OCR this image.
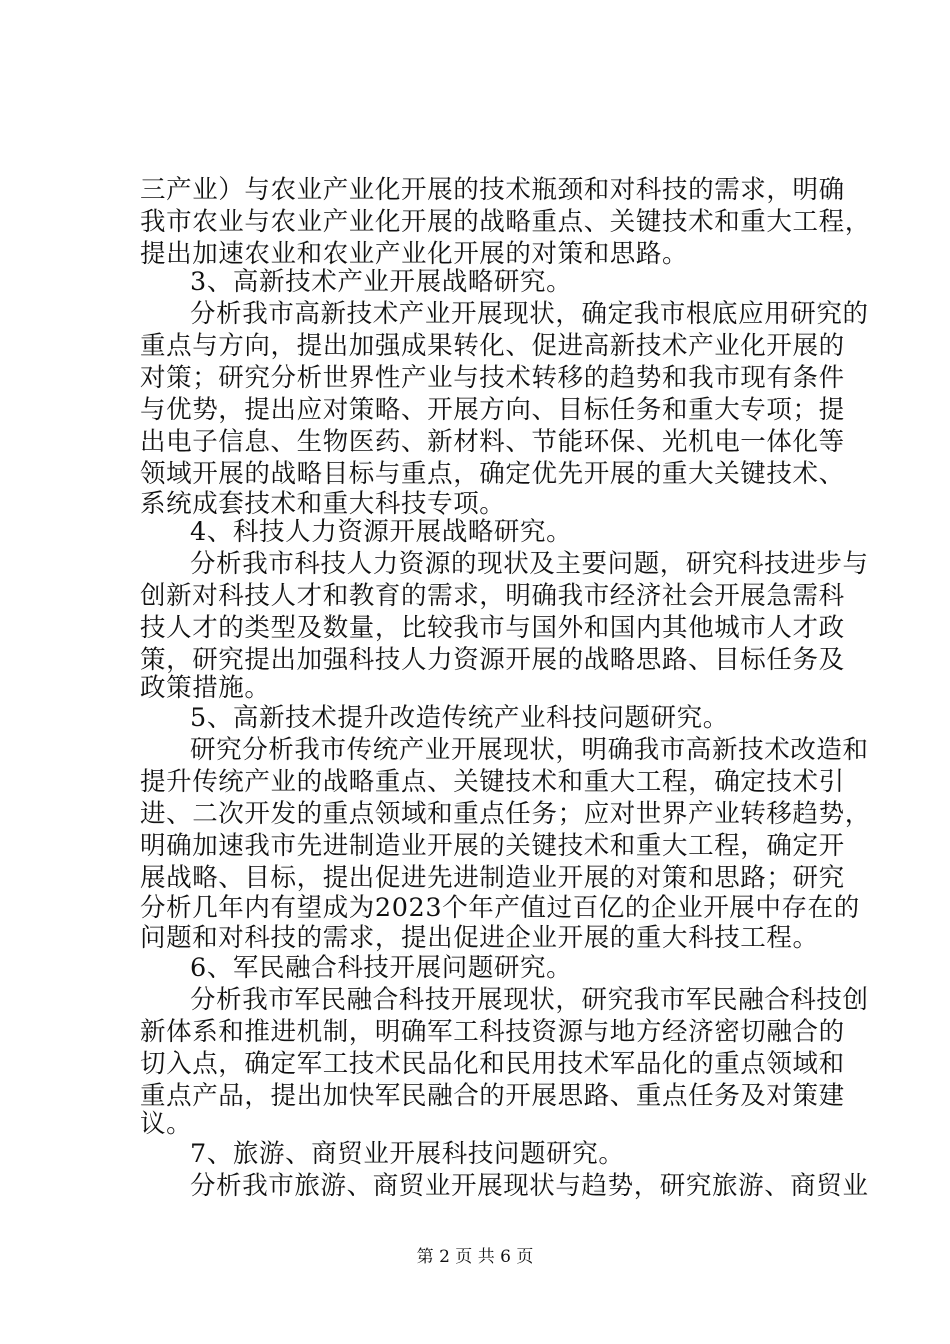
三产业）与农业产业化开展的技术瓶颈和对科技的需求，明确
我市农业与农业产业化开展的战略重点、关键技术和重大工程，
提出加速农业和农业产业化开展的对策和思路。
3、高新技术产业开展战略研究。
分析我市高新技术产业开展现状，确定我市根底应用研究的
重点与方向，提出加强成果转化、促进高新技术产业化开展的
对策；研究分析世界性产业与技术转移的趋势和我市现有条件
与优势，提出应对策略、开展方向、目标任务和重大专项；提
出电子信息、生物医药、新材料、节能环保、光机电一体化等
领域开展的战略目标与重点，确定优先开展的重大关键技术、
系统成套技术和重大科技专项。
4、科技人力资源开展战略研究。
分析我市科技人力资源的现状及主要问题，研究科技进步与
创新对科技人才和教育的需求，明确我市经济社会开展急需科
技人才的类型及数量，比较我市与国外和国内其他城市人才政
策，研究提出加强科技人力资源开展的战略思路、目标任务及
政策措施。
5、高新技术提升改造传统产业科技问题研究。
研究分析我市传统产业开展现状，明确我市高新技术改造和
提升传统产业的战略重点、关键技术和重大工程，确定技术引
进、二次开发的重点领域和重点任务；应对世界产业转移趋势，
明确加速我市先进制造业开展的关键技术和重大工程，确定开
展战略、目标，提出促进先进制造业开展的对策和思路；研究
分析几年内有望成为2023个年产值过百亿的企业开展中存在的
问题和对科技的需求，提出促进企业开展的重大科技工程。
6、军民融合科技开展问题研究。
分析我市军民融合科技开展现状，研究我市军民融合科技创
新体系和推进机制，明确军工科技资源与地方经济密切融合的
切入点，确定军工技术民品化和民用技术军品化的重点领域和
重点产品，提出加快军民融合的开展思路、重点任务及对策建
议。
7、旅游、商贸业开展科技问题研究。
分析我市旅游、商贸业开展现状与趋势，研究旅游、商贸业
第 2 页 共 6 页
